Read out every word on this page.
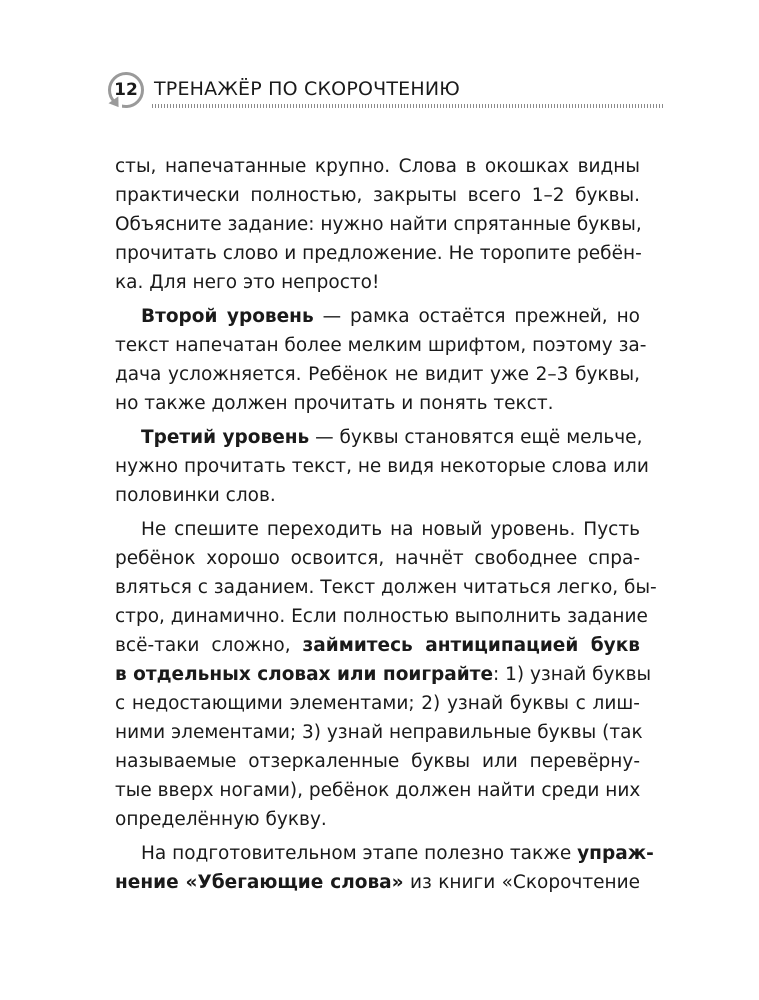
12 ТРЕНАЖЁР ПО СКОРОЧТЕНИЮ
сты, напечатанные крупно. Слова в окошках видны
практически полностью, закрыты всего 1–2 буквы.
Объясните задание: нужно найти спрятанные буквы,
прочитать слово и предложение. Не торопите ребён-
ка. Для него это непросто!
Второй уровень — рамка остаётся прежней, но
текст напечатан более мелким шрифтом, поэтому за-
дача усложняется. Ребёнок не видит уже 2–3 буквы,
но также должен прочитать и понять текст.
Третий уровень — буквы становятся ещё мельче,
нужно прочитать текст, не видя некоторые слова или
половинки слов.
Не спешите переходить на новый уровень. Пусть
ребёнок хорошо освоится, начнёт свободнее спра-
вляться с заданием. Текст должен читаться легко, бы-
стро, динамично. Если полностью выполнить задание
всё-таки сложно, займитесь антиципацией букв
в отдельных словах или поиграйте: 1) узнай буквы
с недостающими элементами; 2) узнай буквы с лиш-
ними элементами; 3) узнай неправильные буквы (так
называемые отзеркаленные буквы или перевёрну-
тые вверх ногами), ребёнок должен найти среди них
определённую букву.
На подготовительном этапе полезно также упраж-
нение «Убегающие слова» из книги «Скорочтение
